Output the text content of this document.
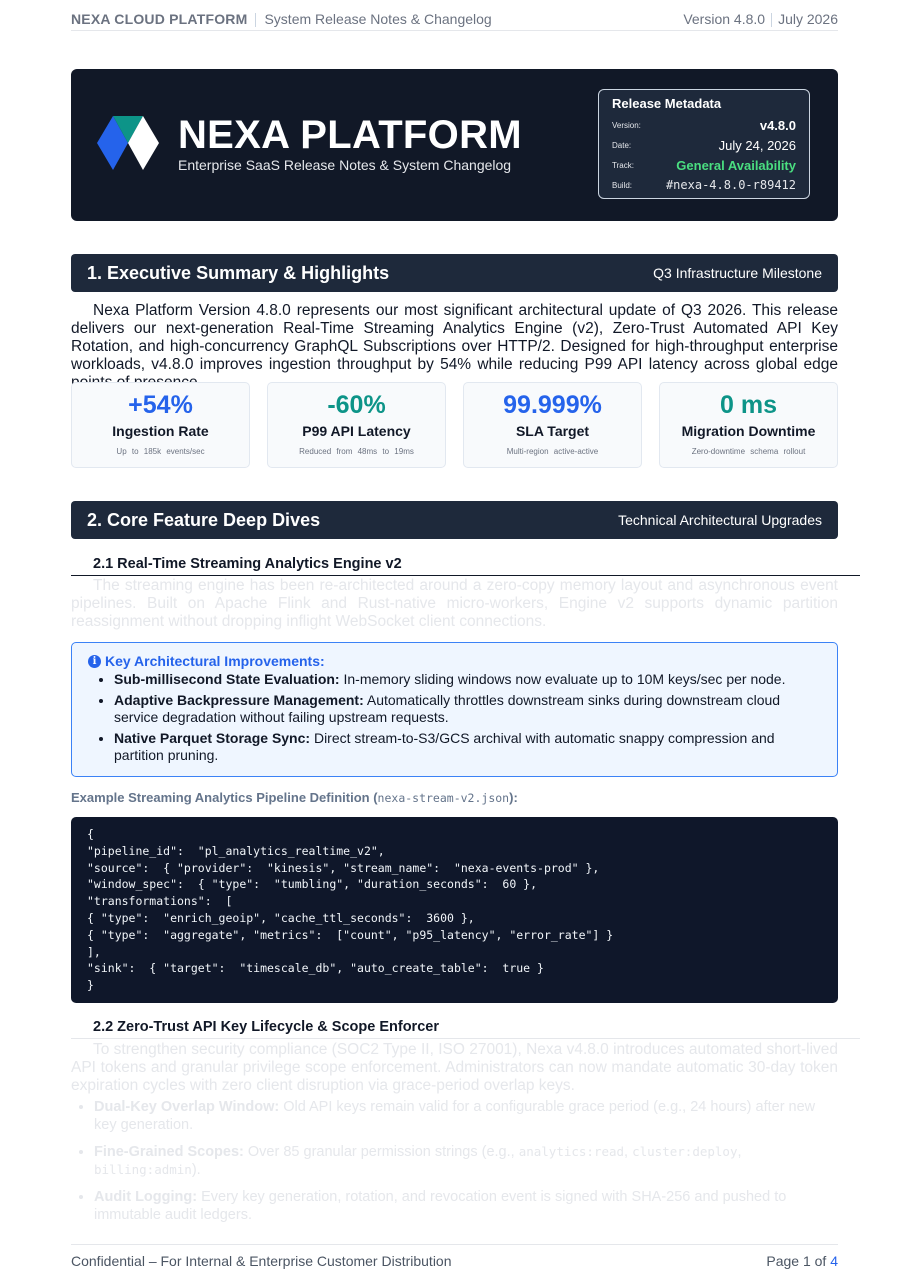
NEXA CLOUD PLATFORM System Release Notes & Changelog	Version 4.8.0 July 2026
NEXA PLATFORM
Enterprise SaaS Release Notes & System Changelog
Release Metadata
Version:	v4.8.0
Date:	July 24, 2026
Track:	General Availability
Build:	#nexa-4.8.0-r89412
1. Executive Summary & Highlights	Q3 Infrastructure Milestone
Nexa Platform Version 4.8.0 represents our most significant architectural update of Q3 2026. This release delivers our next-generation Real-Time Streaming Analytics Engine (v2), Zero-Trust Automated API Key Rotation, and high-concurrency GraphQL Subscriptions over HTTP/2. Designed for high-throughput enterprise workloads, v4.8.0 improves ingestion throughput by 54% while reducing P99 API latency across global edge
+54%
Ingestion Rate
Up to 185k events/sec
-60%
P99 API Latency
Reduced from 48ms to 19ms
99.999%
SLA Target
Multi-region active-active
0 ms
Migration Downtime
Zero-downtime schema rollout
2. Core Feature Deep Dives	Technical Architectural Upgrades
2.1 Real-Time Streaming Analytics Engine v2
The streaming engine has been re-architected around a zero-copy memory layout and asynchronous event pipelines. Built on Apache Flink and Rust-native micro-workers, Engine v2 supports dynamic partition reassignment without dropping inflight WebSocket client connections.
i Key Architectural Improvements:
• Sub-millisecond State Evaluation: In-memory sliding windows now evaluate up to 10M keys/sec per node.
• Adaptive Backpressure Management: Automatically throttles downstream sinks during downstream cloud service degradation without failing upstream requests.
• Native Parquet Storage Sync: Direct stream-to-S3/GCS archival with automatic snappy compression and partition pruning.
Example Streaming Analytics Pipeline Definition (nexa-stream-v2.json):
{
"pipeline_id":  "pl_analytics_realtime_v2",
"source":  { "provider":  "kinesis", "stream_name":  "nexa-events-prod" },
"window_spec":  { "type":  "tumbling", "duration_seconds":  60 },
"transformations":  [
{ "type":  "enrich_geoip", "cache_ttl_seconds":  3600 },
{ "type":  "aggregate", "metrics":  ["count", "p95_latency", "error_rate"] }
],
"sink":  { "target":  "timescale_db", "auto_create_table":  true }
}
2.2 Zero-Trust API Key Lifecycle & Scope Enforcer
To strengthen security compliance (SOC2 Type II, ISO 27001), Nexa v4.8.0 introduces automated short-lived API tokens and granular privilege scope enforcement. Administrators can now mandate automatic 30-day token expiration cycles with zero client disruption via grace-period overlap keys.
• Dual-Key Overlap Window: Old API keys remain valid for a configurable grace period (e.g., 24 hours) after new key generation.
• Fine-Grained Scopes: Over 85 granular permission strings (e.g., analytics:read, cluster:deploy, billing:admin).
• Audit Logging: Every key generation, rotation, and revocation event is signed with SHA-256 and pushed to immutable audit ledgers.
Confidential – For Internal & Enterprise Customer Distribution	Page 1 of 4
